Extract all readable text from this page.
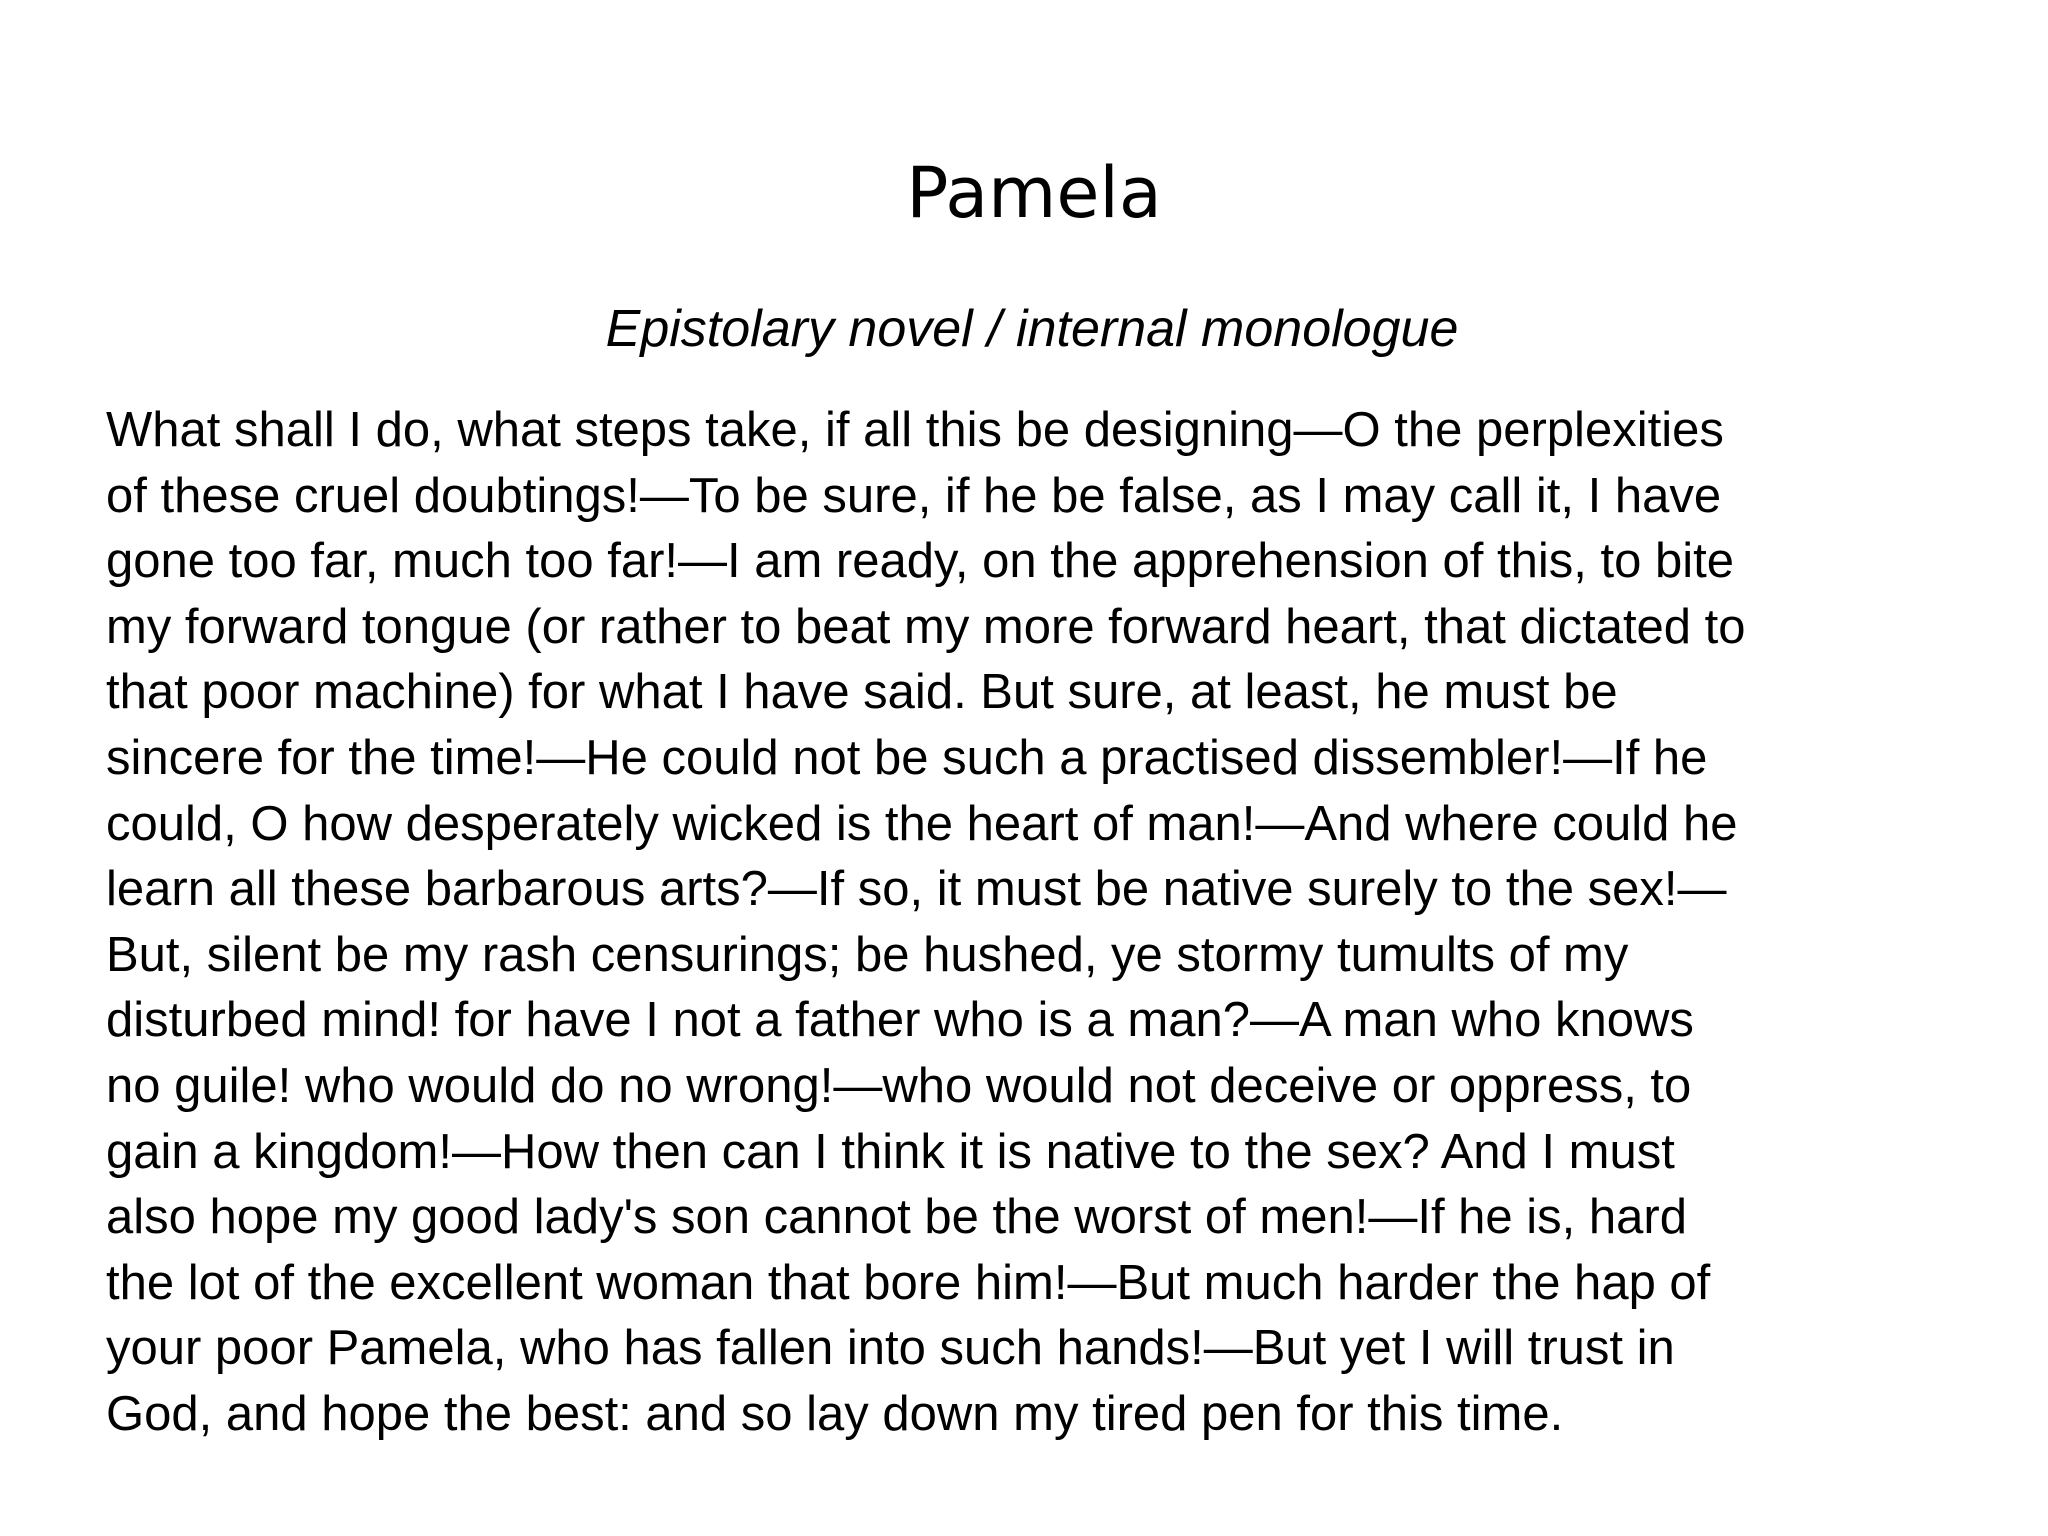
Pamela
Epistolary novel / internal monologue
What shall I do, what steps take, if all this be designing—O the perplexities
of these cruel doubtings!—To be sure, if he be false, as I may call it, I have
gone too far, much too far!—I am ready, on the apprehension of this, to bite
my forward tongue (or rather to beat my more forward heart, that dictated to
that poor machine) for what I have said. But sure, at least, he must be
sincere for the time!—He could not be such a practised dissembler!—If he
could, O how desperately wicked is the heart of man!—And where could he
learn all these barbarous arts?—If so, it must be native surely to the sex!—
But, silent be my rash censurings; be hushed, ye stormy tumults of my
disturbed mind! for have I not a father who is a man?—A man who knows
no guile! who would do no wrong!—who would not deceive or oppress, to
gain a kingdom!—How then can I think it is native to the sex? And I must
also hope my good lady's son cannot be the worst of men!—If he is, hard
the lot of the excellent woman that bore him!—But much harder the hap of
your poor Pamela, who has fallen into such hands!—But yet I will trust in
God, and hope the best: and so lay down my tired pen for this time.
